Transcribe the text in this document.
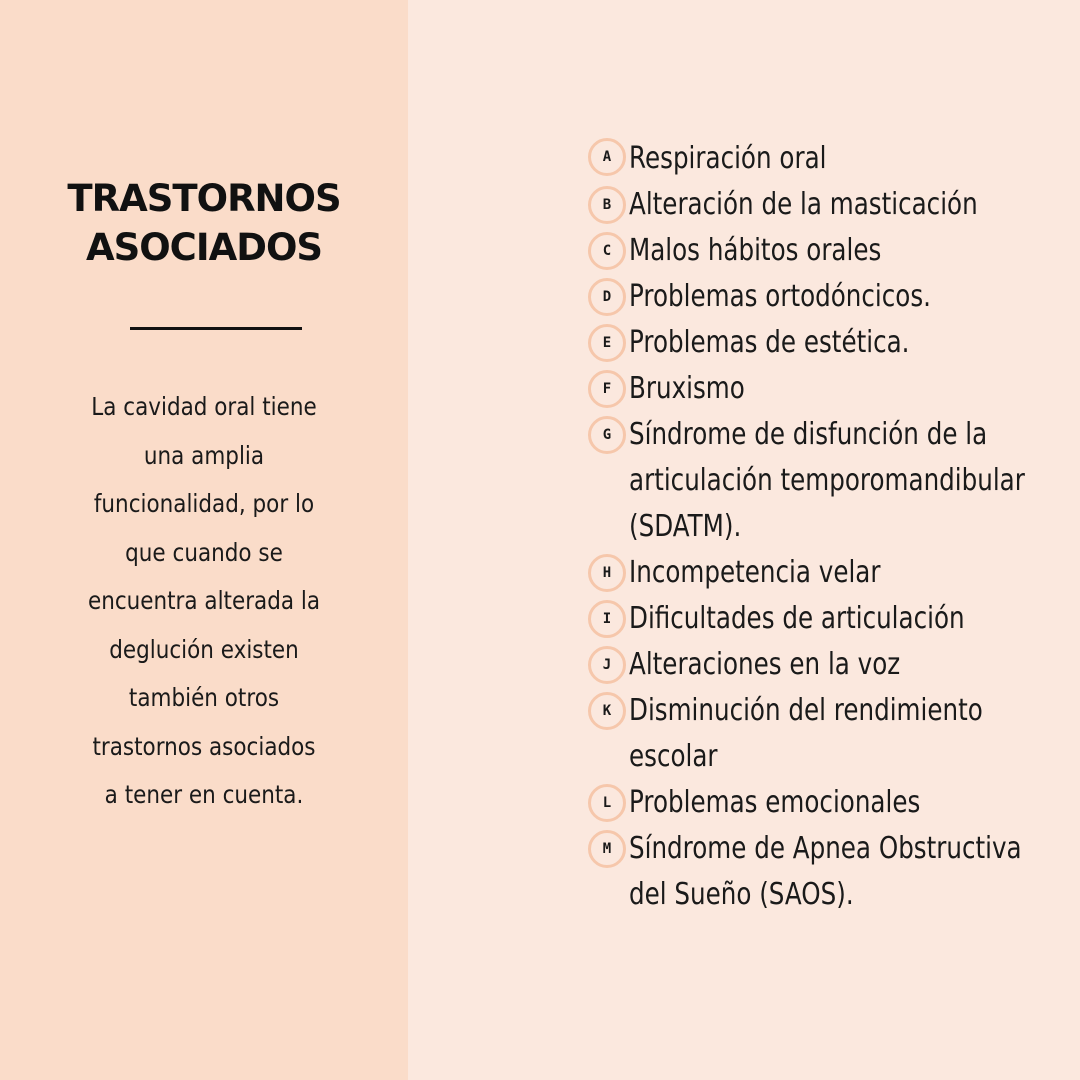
TRASTORNOS
ASOCIADOS

La cavidad oral tiene una amplia funcionalidad, por lo que cuando se encuentra alterada la deglución existen también otros trastornos asociados a tener en cuenta.

A Respiración oral
B Alteración de la masticación
C Malos hábitos orales
D Problemas ortodóncicos.
E Problemas de estética.
F Bruxismo
G Síndrome de disfunción de la articulación temporomandibular (SDATM).
H Incompetencia velar
I Dificultades de articulación
J Alteraciones en la voz
K Disminución del rendimiento escolar
L Problemas emocionales
M Síndrome de Apnea Obstructiva del Sueño (SAOS).
